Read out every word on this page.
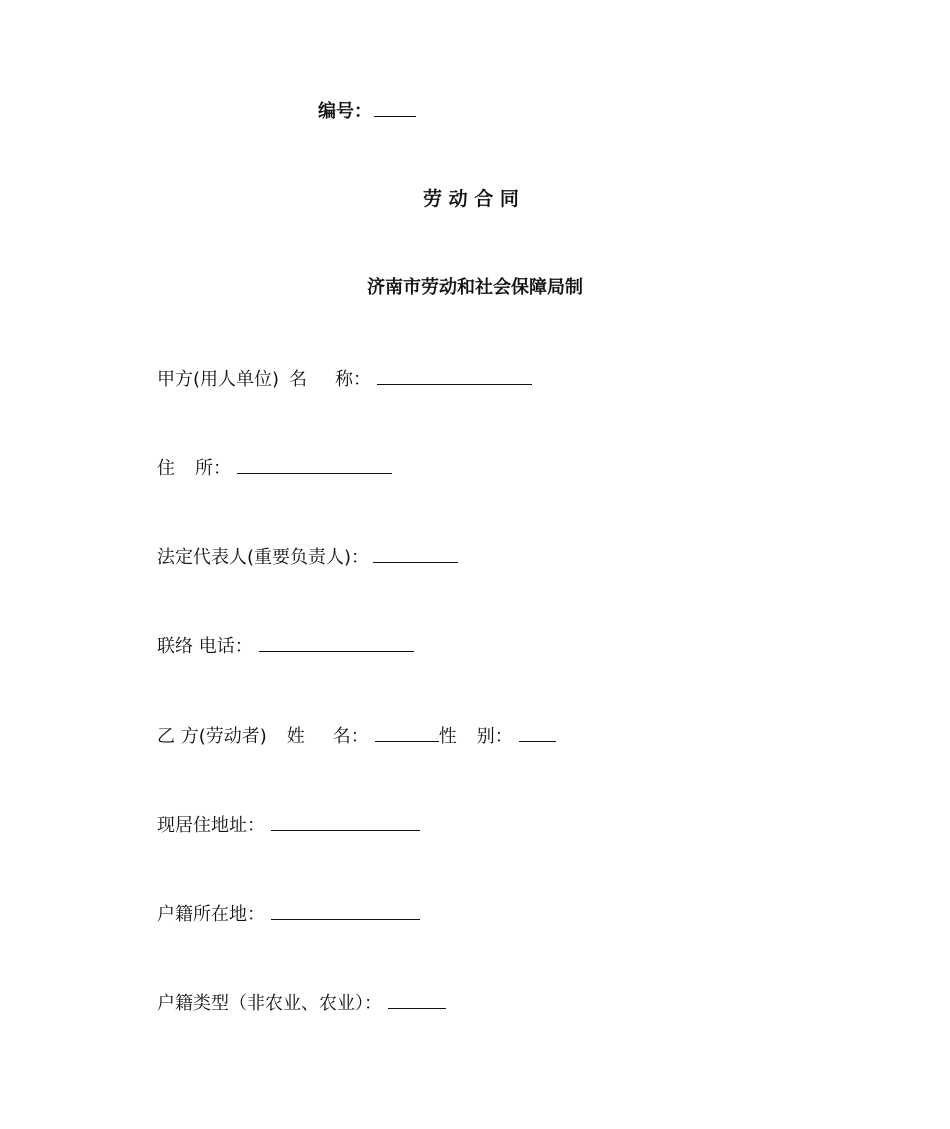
编号：
劳 动 合 同
济南市劳动和社会保障局制
甲方(用人单位) 名 称：
住 所：
法定代表人(重要负责人)：
联络 电话：
乙 方(劳动者) 姓 名：	性 别：
现居住地址：
户籍所在地：
户籍类型（非农业、农业）：
